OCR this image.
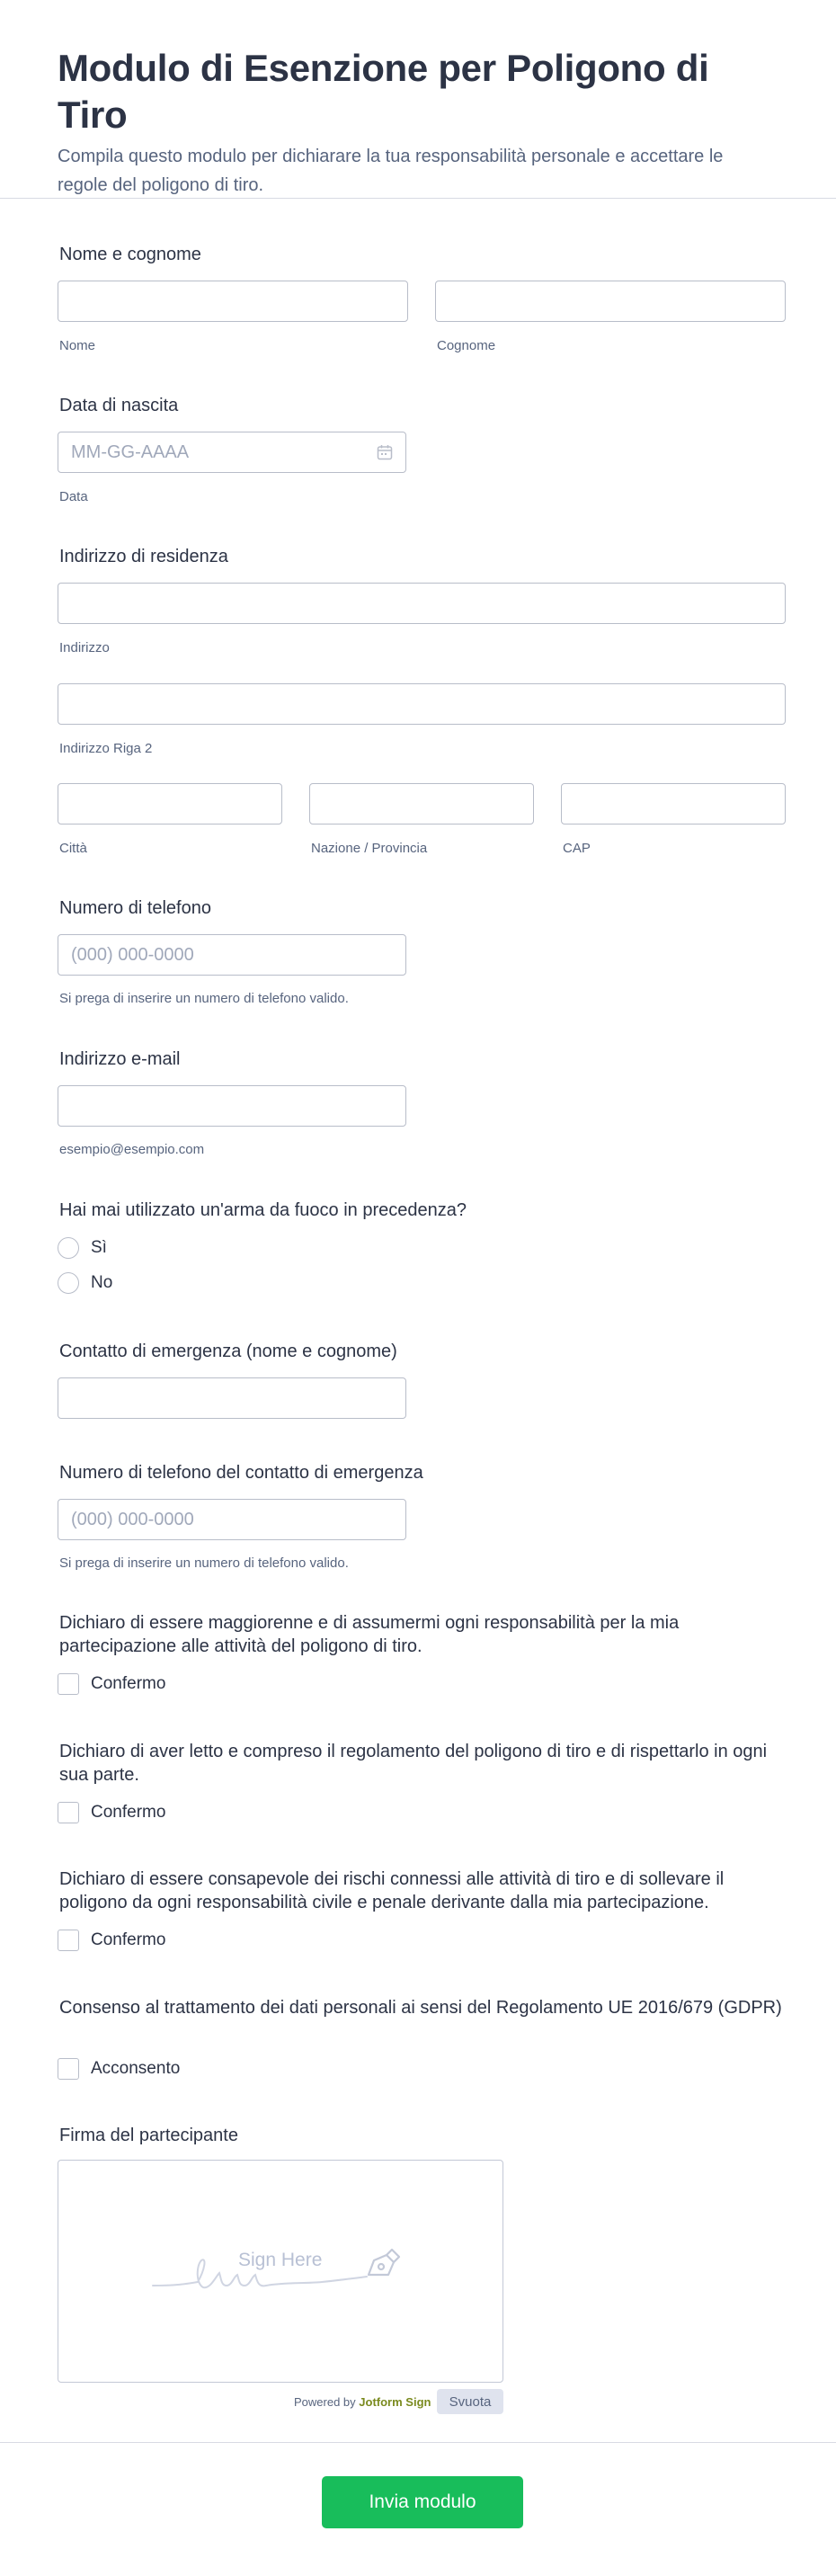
Modulo di Esenzione per Poligono di Tiro
Compila questo modulo per dichiarare la tua responsabilità personale e accettare le regole del poligono di tiro.
Nome e cognome
Nome	Cognome
Data di nascita
MM-GG-AAAA
Data
Indirizzo di residenza
Indirizzo
Indirizzo Riga 2
Città	Nazione / Provincia	CAP
Numero di telefono
(000) 000-0000
Si prega di inserire un numero di telefono valido.
Indirizzo e-mail
esempio@esempio.com
Hai mai utilizzato un'arma da fuoco in precedenza?
Sì
No
Contatto di emergenza (nome e cognome)
Numero di telefono del contatto di emergenza
(000) 000-0000
Si prega di inserire un numero di telefono valido.
Dichiaro di essere maggiorenne e di assumermi ogni responsabilità per la mia partecipazione alle attività del poligono di tiro.
Confermo
Dichiaro di aver letto e compreso il regolamento del poligono di tiro e di rispettarlo in ogni sua parte.
Confermo
Dichiaro di essere consapevole dei rischi connessi alle attività di tiro e di sollevare il poligono da ogni responsabilità civile e penale derivante dalla mia partecipazione.
Confermo
Consenso al trattamento dei dati personali ai sensi del Regolamento UE 2016/679 (GDPR)
Acconsento
Firma del partecipante
Sign Here
Powered by Jotform Sign	Svuota
Invia modulo
